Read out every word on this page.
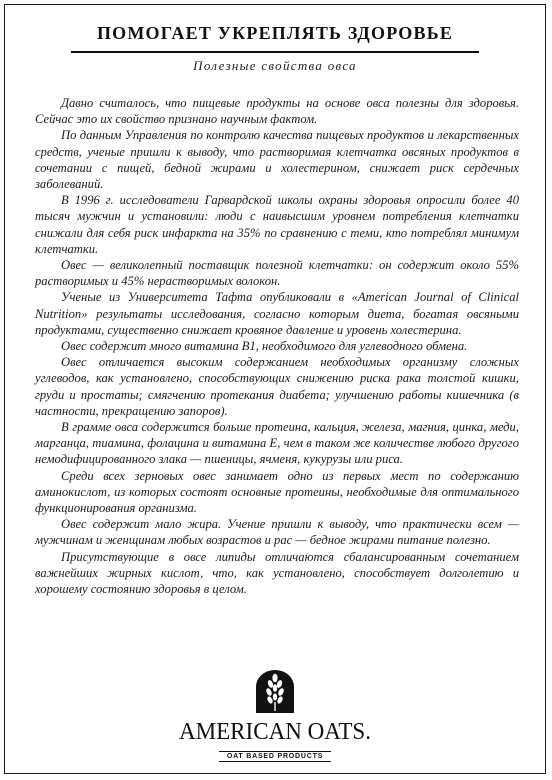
ПОМОГАЕТ УКРЕПЛЯТЬ ЗДОРОВЬЕ
Полезные свойства овса

Давно считалось, что пищевые продукты на основе овса полезны для здоровья. Сейчас это их свойство признано научным фактом.

По данным Управления по контролю качества пищевых продуктов и лекарственных средств, ученые пришли к выводу, что растворимая клетчатка овсяных продуктов в сочетании с пищей, бедной жирами и холестерином, снижает риск сердечных заболеваний.

В 1996 г. исследователи Гарвардской школы охраны здоровья опросили более 40 тысяч мужчин и установили: люди с наивысшим уровнем потребления клетчатки снижали для себя риск инфаркта на 35% по сравнению с теми, кто потреблял минимум клетчатки.

Овес — великолепный поставщик полезной клетчатки: он содержит около 55% растворимых и 45% нерастворимых волокон.

Ученые из Университета Тафта опубликовали в «American Journal of Clinical Nutrition» результаты исследования, согласно которым диета, богатая овсяными продуктами, существенно снижает кровяное давление и уровень холестерина.

Овес содержит много витамина B1, необходимого для углеводного обмена.

Овес отличается высоким содержанием необходимых организму сложных углеводов, как установлено, способствующих снижению риска рака толстой кишки, груди и простаты; смягчению протекания диабета; улучшению работы кишечника (в частности, прекращению запоров).

В грамме овса содержится больше протеина, кальция, железа, магния, цинка, меди, марганца, тиамина, фолацина и витамина E, чем в таком же количестве любого другого немодифицированного злака — пшеницы, ячменя, кукурузы или риса.

Среди всех зерновых овес занимает одно из первых мест по содержанию аминокислот, из которых состоят основные протеины, необходимые для оптимального функционирования организма.

Овес содержит мало жира. Учение пришли к выводу, что практически всем — мужчинам и женщинам любых возрастов и рас — бедное жирами питание полезно.

Присутствующие в овсе липиды отличаются сбалансированным сочетанием важнейших жирных кислот, что, как установлено, способствует долголетию и хорошему состоянию здоровья в целом.

AMERICAN OATS.
OAT BASED PRODUCTS
